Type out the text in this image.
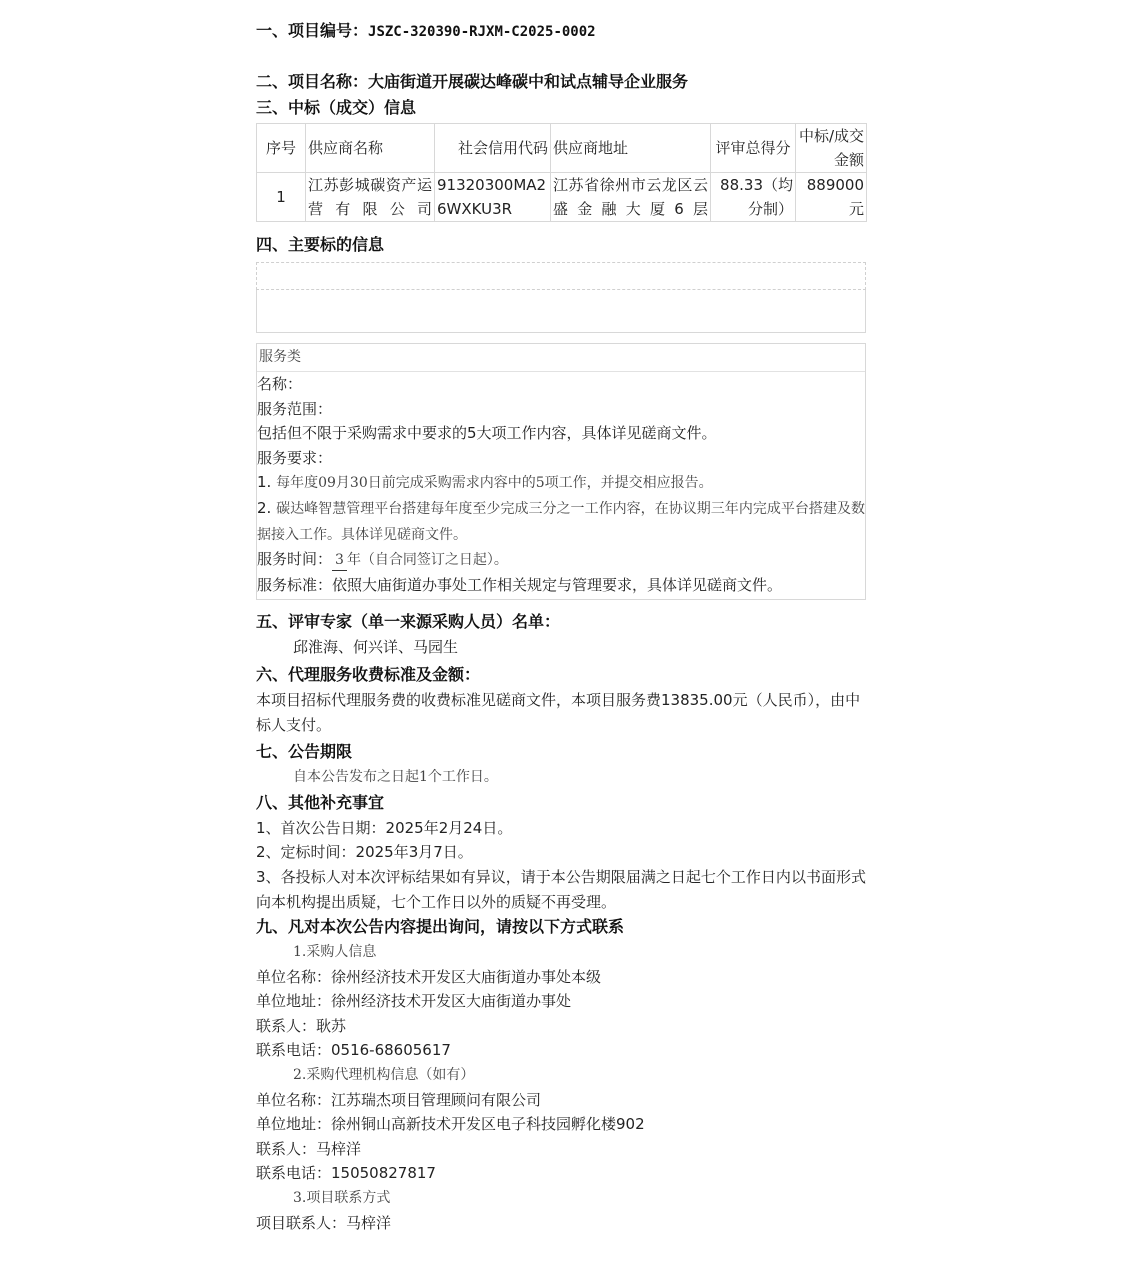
一、项目编号：JSZC-320390-RJXM-C2025-0002
二、项目名称：大庙街道开展碳达峰碳中和试点辅导企业服务
三、中标（成交）信息
序号	供应商名称	社会信用代码	供应商地址	评审总得分	中标/成交金额
1	江苏彭城碳资产运营有限公司	91320300MA26WXKU3R	江苏省徐州市云龙区云盛金融大厦6层	88.33（均分制）	889000元
四、主要标的信息
服务类
名称：
服务范围：
包括但不限于采购需求中要求的5大项工作内容，具体详见磋商文件。
服务要求：
1. 每年度09月30日前完成采购需求内容中的5项工作，并提交相应报告。
2. 碳达峰智慧管理平台搭建每年度至少完成三分之一工作内容，在协议期三年内完成平台搭建及数据接入工作。具体详见磋商文件。
服务时间： 3 年（自合同签订之日起）。
服务标准：依照大庙街道办事处工作相关规定与管理要求，具体详见磋商文件。
五、评审专家（单一来源采购人员）名单：
邱淮海、何兴详、马园生
六、代理服务收费标准及金额：
本项目招标代理服务费的收费标准见磋商文件，本项目服务费13835.00元（人民币），由中标人支付。
七、公告期限
自本公告发布之日起1个工作日。
八、其他补充事宜
1、首次公告日期：2025年2月24日。
2、定标时间：2025年3月7日。
3、各投标人对本次评标结果如有异议，请于本公告期限届满之日起七个工作日内以书面形式向本机构提出质疑，七个工作日以外的质疑不再受理。
九、凡对本次公告内容提出询问，请按以下方式联系
1.采购人信息
单位名称：徐州经济技术开发区大庙街道办事处本级
单位地址：徐州经济技术开发区大庙街道办事处
联系人：耿苏
联系电话：0516-68605617
2.采购代理机构信息（如有）
单位名称：江苏瑞杰项目管理顾问有限公司
单位地址：徐州铜山高新技术开发区电子科技园孵化楼902
联系人：马梓洋
联系电话：15050827817
3.项目联系方式
项目联系人：马梓洋
